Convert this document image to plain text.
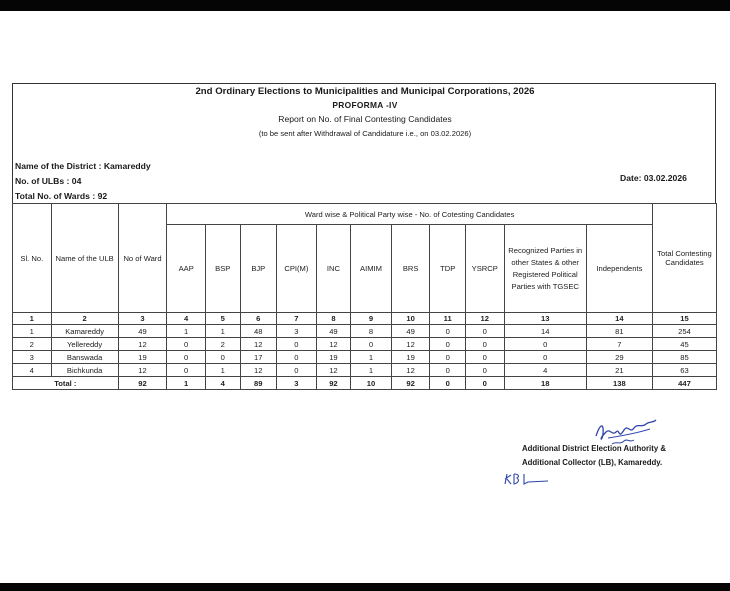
2nd Ordinary Elections to Municipalities and Municipal Corporations, 2026
PROFORMA -IV
Report on No. of Final Contesting Candidates
(to be sent after Withdrawal of Candidature i.e., on 03.02.2026)
Name of the District : Kamareddy
No. of ULBs : 04
Total No. of Wards : 92
Date: 03.02.2026
Sl. No.	Name of the ULB	No of Ward	Ward wise & Political Party wise - No. of Cotesting Candidates											Total Contesting Candidates
			AAP	BSP	BJP	CPI(M)	INC	AIMIM	BRS	TDP	YSRCP	Recognized Parties in other States & other Registered Political Parties with TGSEC	Independents	
1	2	3	4	5	6	7	8	9	10	11	12	13	14	15
1	Kamareddy	49	1	1	48	3	49	8	49	0	0	14	81	254
2	Yellereddy	12	0	2	12	0	12	0	12	0	0	0	7	45
3	Banswada	19	0	0	17	0	19	1	19	0	0	0	29	85
4	Bichkunda	12	0	1	12	0	12	1	12	0	0	4	21	63
Total :		92	1	4	89	3	92	10	92	0	0	18	138	447
Additional District Election Authority &
Additional Collector (LB), Kamareddy.
